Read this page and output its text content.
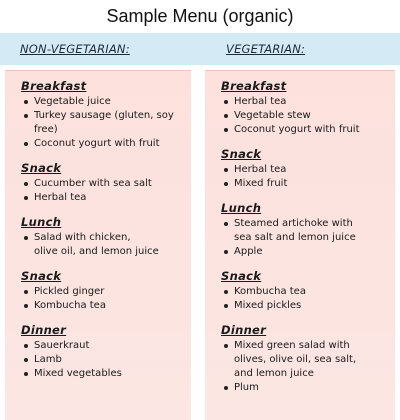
Sample Menu (organic)
NON-VEGETARIAN:	VEGETARIAN:
Breakfast
Vegetable juice
Turkey sausage (gluten, soy free)
Coconut yogurt with fruit
Snack
Cucumber with sea salt
Herbal tea
Lunch
Salad with chicken,
olive oil, and lemon juice
Snack
Pickled ginger
Kombucha tea
Dinner
Sauerkraut
Lamb
Mixed vegetables
Breakfast
Herbal tea
Vegetable stew
Coconut yogurt with fruit
Snack
Herbal tea
Mixed fruit
Lunch
Steamed artichoke with
sea salt and lemon juice
Apple
Snack
Kombucha tea
Mixed pickles
Dinner
Mixed green salad with
olives, olive oil, sea salt,
and lemon juice
Plum
